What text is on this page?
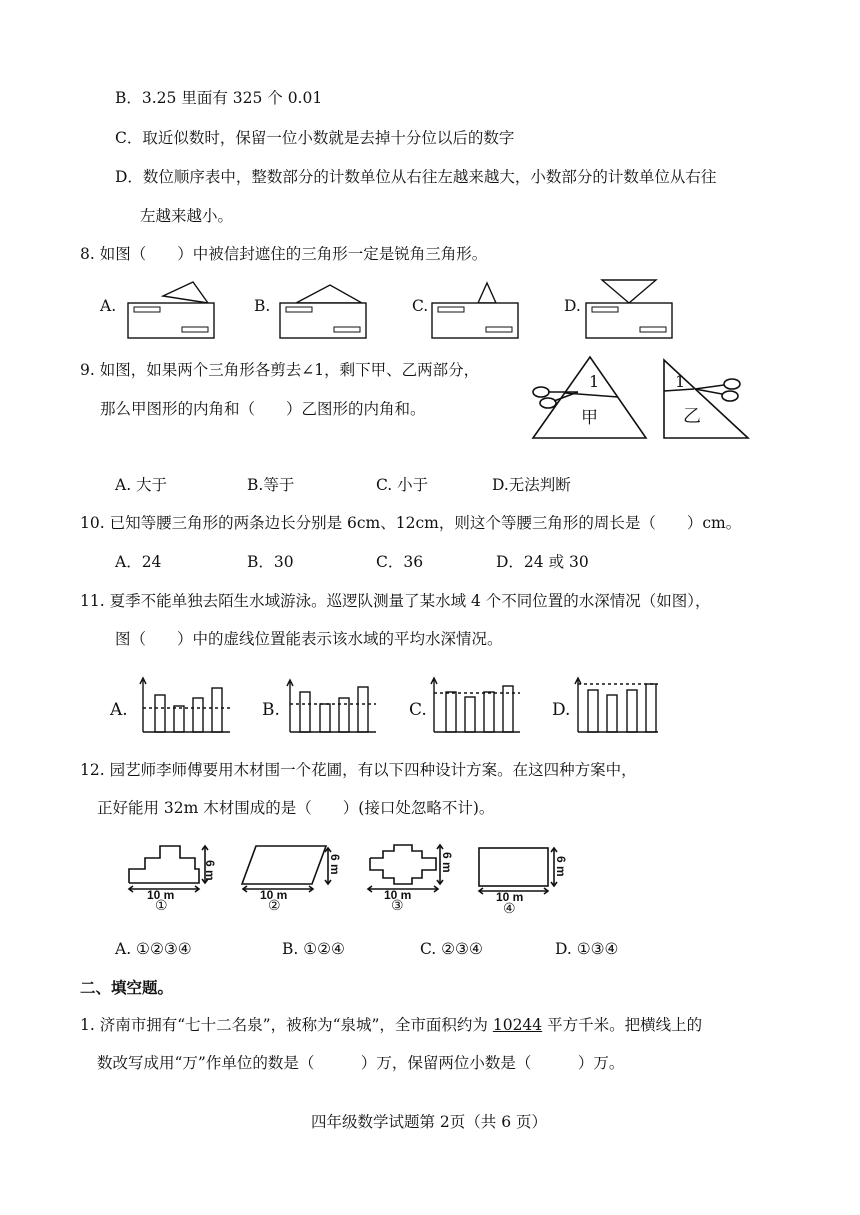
B．3.25 里面有 325 个 0.01
C．取近似数时，保留一位小数就是去掉十分位以后的数字
D．数位顺序表中，整数部分的计数单位从右往左越来越大，小数部分的计数单位从右往
左越来越小。
8. 如图（　　）中被信封遮住的三角形一定是锐角三角形。
A.	B.	C.	D.
9. 如图，如果两个三角形各剪去∠1，剩下甲、乙两部分，
那么甲图形的内角和（　　）乙图形的内角和。
1	1
甲	乙
A. 大于	B.等于	C. 小于	D.无法判断
10. 已知等腰三角形的两条边长分别是 6cm、12cm，则这个等腰三角形的周长是（　　）cm。
A．24	B．30	C．36	D．24 或 30
11. 夏季不能单独去陌生水域游泳。巡逻队测量了某水域 4 个不同位置的水深情况（如图），
图（　　）中的虚线位置能表示该水域的平均水深情况。
A.	B.	C.	D.
12. 园艺师李师傅要用木材围一个花圃，有以下四种设计方案。在这四种方案中，
正好能用 32m 木材围成的是（　　）(接口处忽略不计)。
10 m
①
6 m
10 m
②
6 m
10 m
③
6 m
10 m
④
6 m
A. ①②③④	B. ①②④	C. ②③④	D. ①③④
二、填空题。
1. 济南市拥有“七十二名泉”，被称为“泉城”，全市面积约为 10244 平方千米。把横线上的
数改写成用“万”作单位的数是（　　　）万，保留两位小数是（　　　）万。
四年级数学试题第 2页（共 6 页）
